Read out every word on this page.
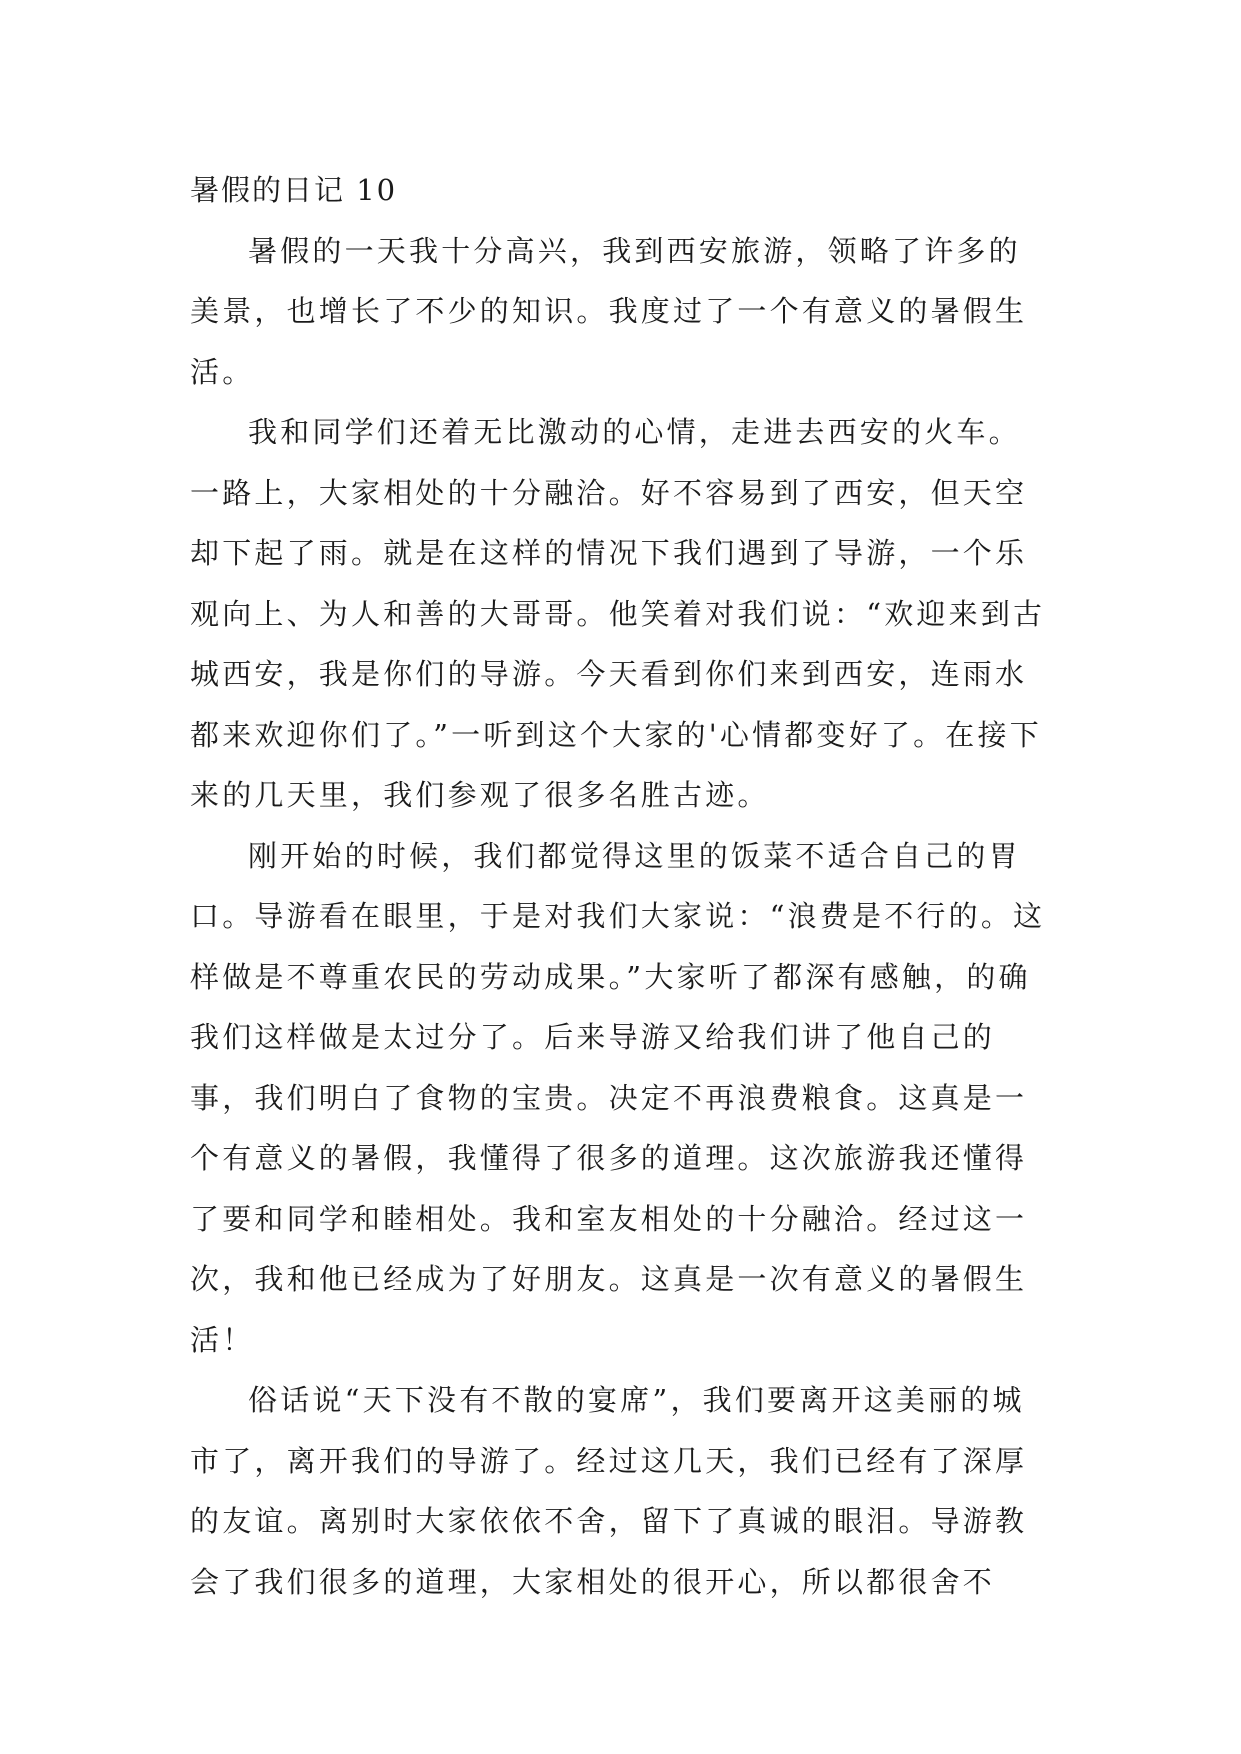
暑假的日记 10

暑假的一天我十分高兴，我到西安旅游，领略了许多的美景，也增长了不少的知识。我度过了一个有意义的暑假生活。

我和同学们还着无比激动的心情，走进去西安的火车。一路上，大家相处的十分融洽。好不容易到了西安，但天空却下起了雨。就是在这样的情况下我们遇到了导游，一个乐观向上、为人和善的大哥哥。他笑着对我们说：“欢迎来到古城西安，我是你们的导游。今天看到你们来到西安，连雨水都来欢迎你们了。”一听到这个大家的'心情都变好了。在接下来的几天里，我们参观了很多名胜古迹。

刚开始的时候，我们都觉得这里的饭菜不适合自己的胃口。导游看在眼里，于是对我们大家说：“浪费是不行的。这样做是不尊重农民的劳动成果。”大家听了都深有感触，的确我们这样做是太过分了。后来导游又给我们讲了他自己的事，我们明白了食物的宝贵。决定不再浪费粮食。这真是一个有意义的暑假，我懂得了很多的道理。这次旅游我还懂得了要和同学和睦相处。我和室友相处的十分融洽。经过这一次，我和他已经成为了好朋友。这真是一次有意义的暑假生活！

俗话说“天下没有不散的宴席”，我们要离开这美丽的城市了，离开我们的导游了。经过这几天，我们已经有了深厚的友谊。离别时大家依依不舍，留下了真诚的眼泪。导游教会了我们很多的道理，大家相处的很开心，所以都很舍不
